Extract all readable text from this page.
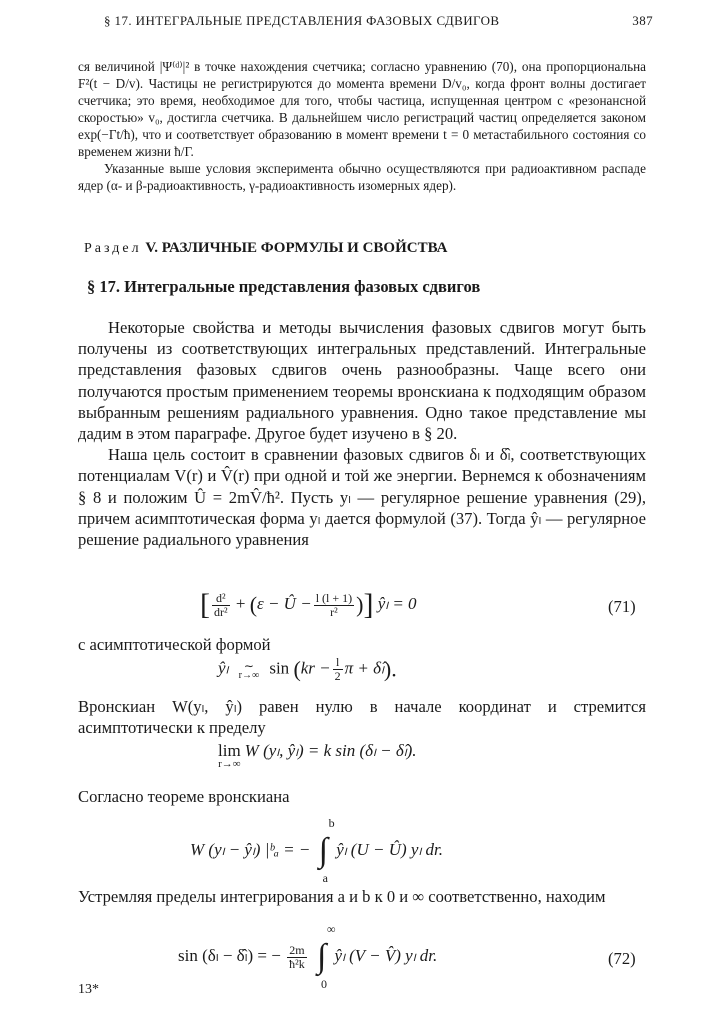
§ 17. ИНТЕГРАЛЬНЫЕ ПРЕДСТАВЛЕНИЯ ФАЗОВЫХ СДВИГОВ	387

ся величиной |Ψ⁽ᵈ⁾|² в точке нахождения счетчика; согласно уравнению (70), она пропорциональна F²(t − D/v). Частицы не регистрируются до момента времени D/v₀, когда фронт волны достигает счетчика; это время, необходимое для того, чтобы частица, испущенная центром с «резонансной скоростью» v₀, достигла счетчика. В дальнейшем число регистраций частиц определяется законом exp(−Γt/ħ), что и соответствует образованию в момент времени t = 0 метастабильного состояния со временем жизни ħ/Γ.

Указанные выше условия эксперимента обычно осуществляются при радиоактивном распаде ядер (α- и β-радиоактивность, γ-радиоактивность изомерных ядер).

Раздел V. РАЗЛИЧНЫЕ ФОРМУЛЫ И СВОЙСТВА
§ 17. Интегральные представления фазовых сдвигов

Некоторые свойства и методы вычисления фазовых сдвигов могут быть получены из соответствующих интегральных представлений. Интегральные представления фазовых сдвигов очень разнообразны. Чаще всего они получаются простым применением теоремы вронскиана к подходящим образом выбранным решениям радиального уравнения. Одно такое представление мы дадим в этом параграфе. Другое будет изучено в § 20.

Наша цель состоит в сравнении фазовых сдвигов δₗ и δ̂ₗ, соответствующих потенциалам V(r) и V̂(r) при одной и той же энергии. Вернемся к обозначениям § 8 и положим Û = 2mV̂/ħ². Пусть yₗ — регулярное решение уравнения (29), причем асимптотическая форма yₗ дается формулой (37). Тогда ŷₗ — регулярное решение радиального уравнения

[ $\frac{\text{d²}}{\text{dr²}} + (\varepsilon$ − Û − $\frac{l (l + 1)}{\text{r²}}$ )] ŷₗ = 0	(71)

с асимптотической формой

ŷₗ ∼
r→∞ $\sin (kr - \frac{l}{2}$ π + δ̂ₗ).

Вронскиан W(yₗ, ŷₗ) равен нулю в начале координат и стремится асимптотически к пределу

lim
r→∞
W (yₗ, ŷₗ) = k sin (δₗ − δ̂ₗ).

Согласно теореме вронскиана

W (yₗ − ŷₗ) |ᵇₐ = − ∫
b
a
ŷₗ (U − Û) yₗ dr.

Устремляя пределы интегрирования a и b к 0 и ∞ соответственно, находим

sin (δₗ − δ̂ₗ) = − $\frac{2m}{\text{ħ²k}}$ ∫
∞
0
ŷₗ (V − V̂) yₗ dr.	(72)
13*
